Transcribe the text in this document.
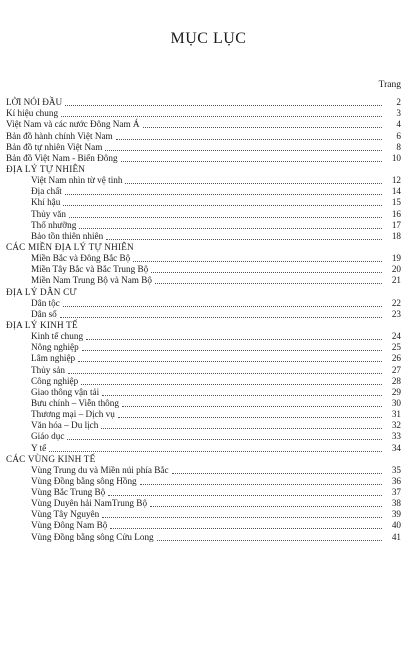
MỤC LỤC
Trang
LỜI NÓI ĐẦU	2
Kí hiệu chung	3
Việt Nam và các nước Đông Nam Á	4
Bản đồ hành chính Việt Nam	6
Bản đồ tự nhiên Việt Nam	8
Bản đồ Việt Nam - Biển Đông	10
ĐỊA LÝ TỰ NHIÊN
Việt Nam nhìn từ vệ tinh	12
Địa chất	14
Khí hậu	15
Thủy văn	16
Thổ nhưỡng	17
Bảo tồn thiên nhiên	18
CÁC MIỀN ĐỊA LÝ TỰ NHIÊN
Miền Bắc và Đông Bắc Bộ	19
Miền Tây Bắc và Bắc Trung Bộ	20
Miền Nam Trung Bộ và Nam Bộ	21
ĐỊA LÝ DÂN CƯ
Dân tộc	22
Dân số	23
ĐỊA LÝ KINH TẾ
Kinh tế chung	24
Nông nghiệp	25
Lâm nghiệp	26
Thủy sản	27
Công nghiệp	28
Giao thông vận tải	29
Bưu chính – Viễn thông	30
Thương mại – Dịch vụ	31
Văn hóa – Du lịch	32
Giáo dục	33
Y tế	34
CÁC VÙNG KINH TẾ
Vùng Trung du và Miền núi phía Bắc	35
Vùng Đồng bằng sông Hồng	36
Vùng Bắc Trung Bộ	37
Vùng Duyên hải NamTrung Bộ	38
Vùng Tây Nguyên	39
Vùng Đông Nam Bộ	40
Vùng Đồng bằng sông Cửu Long	41
